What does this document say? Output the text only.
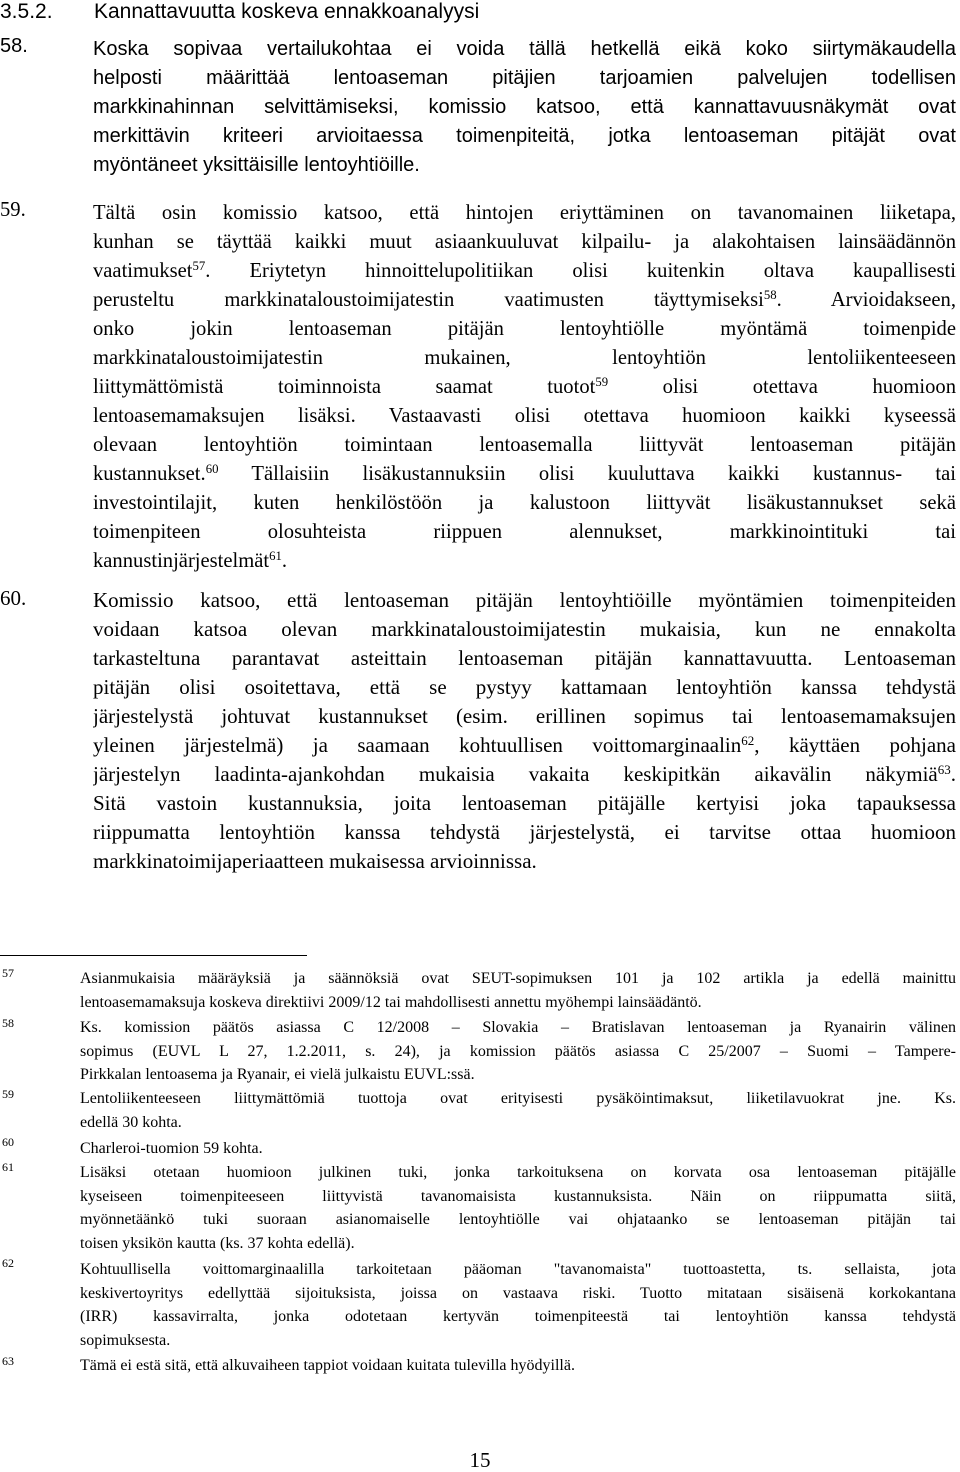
3.5.2. Kannattavuutta koskeva ennakkoanalyysi
58.	Koska sopivaa vertailukohtaa ei voida tällä hetkellä eikä koko siirtymäkaudella
helposti määrittää lentoaseman pitäjien tarjoamien palvelujen todellisen
markkinahinnan selvittämiseksi, komissio katsoo, että kannattavuusnäkymät ovat
merkittävin kriteeri arvioitaessa toimenpiteitä, jotka lentoaseman pitäjät ovat
myöntäneet yksittäisille lentoyhtiöille.
59.	Tältä osin komissio katsoo, että hintojen eriyttäminen on tavanomainen liiketapa,
kunhan se täyttää kaikki muut asiaankuuluvat kilpailu- ja alakohtaisen lainsäädännön
vaatimukset$^{57}$. Eriytetyn hinnoittelupolitiikan olisi kuitenkin oltava kaupallisesti
perusteltu markkinataloustoimijatestin vaatimusten täyttymiseksi$^{58}$. Arvioidakseen,
onko jokin lentoaseman pitäjän lentoyhtiölle myöntämä toimenpide
markkinataloustoimijatestin mukainen, lentoyhtiön lentoliikenteeseen
liittymättömistä toiminnoista saamat tuotot$^{59}$ olisi otettava huomioon
lentoasemamaksujen lisäksi. Vastaavasti olisi otettava huomioon kaikki kyseessä
olevaan lentoyhtiön toimintaan lentoasemalla liittyvät lentoaseman pitäjän
kustannukset.$^{60}$ Tällaisiin lisäkustannuksiin olisi kuuluttava kaikki kustannus- tai
investointilajit, kuten henkilöstöön ja kalustoon liittyvät lisäkustannukset sekä
toimenpiteen olosuhteista riippuen alennukset, markkinointituki tai
kannustinjärjestelmät$^{61}$.
60.	Komissio katsoo, että lentoaseman pitäjän lentoyhtiöille myöntämien toimenpiteiden
voidaan katsoa olevan markkinataloustoimijatestin mukaisia, kun ne ennakolta
tarkasteltuna parantavat asteittain lentoaseman pitäjän kannattavuutta. Lentoaseman
pitäjän olisi osoitettava, että se pystyy kattamaan lentoyhtiön kanssa tehdystä
järjestelystä johtuvat kustannukset (esim. erillinen sopimus tai lentoasemamaksujen
yleinen järjestelmä) ja saamaan kohtuullisen voittomarginaalin$^{62}$, käyttäen pohjana
järjestelyn laadinta-ajankohdan mukaisia vakaita keskipitkän aikavälin näkymiä$^{63}$.
Sitä vastoin kustannuksia, joita lentoaseman pitäjälle kertyisi joka tapauksessa
riippumatta lentoyhtiön kanssa tehdystä järjestelystä, ei tarvitse ottaa huomioon
markkinatoimijaperiaatteen mukaisessa arvioinnissa.
57
58
59
60
61
62
63
Asianmukaisia määräyksiä ja säännöksiä ovat SEUT-sopimuksen 101 ja 102 artikla ja edellä mainittu
lentoasemamaksuja koskeva direktiivi 2009/12 tai mahdollisesti annettu myöhempi lainsäädäntö.
Ks. komission päätös asiassa C 12/2008 – Slovakia – Bratislavan lentoaseman ja Ryanairin välinen
sopimus (EUVL L 27, 1.2.2011, s. 24), ja komission päätös asiassa C 25/2007 – Suomi – Tampere-
Pirkkalan lentoasema ja Ryanair, ei vielä julkaistu EUVL:ssä.
Lentoliikenteeseen liittymättömiä tuottoja ovat erityisesti pysäköintimaksut, liiketilavuokrat jne. Ks.
edellä 30 kohta.
Charleroi-tuomion 59 kohta.
Lisäksi otetaan huomioon julkinen tuki, jonka tarkoituksena on korvata osa lentoaseman pitäjälle
kyseiseen toimenpiteeseen liittyvistä tavanomaisista kustannuksista. Näin on riippumatta siitä,
myönnetäänkö tuki suoraan asianomaiselle lentoyhtiölle vai ohjataanko se lentoaseman pitäjän tai
toisen yksikön kautta (ks. 37 kohta edellä).
Kohtuullisella voittomarginaalilla tarkoitetaan pääoman "tavanomaista" tuottoastetta, ts. sellaista, jota
keskivertoyritys edellyttää sijoituksista, joissa on vastaava riski. Tuotto mitataan sisäisenä korkokantana
(IRR) kassavirralta, jonka odotetaan kertyvän toimenpiteestä tai lentoyhtiön kanssa tehdystä
sopimuksesta.
Tämä ei estä sitä, että alkuvaiheen tappiot voidaan kuitata tulevilla hyödyillä.
15
